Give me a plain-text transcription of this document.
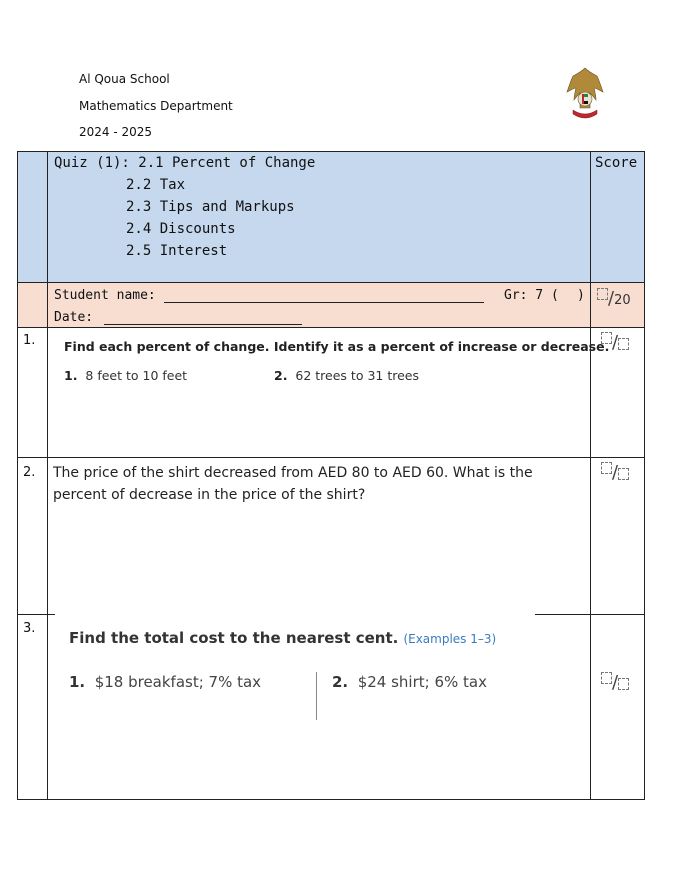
Al Qoua School
Mathematics Department
2024 - 2025
Quiz (1): 2.1 Percent of Change
2.2 Tax
2.3 Tips and Markups
2.4 Discounts
2.5 Interest
Score
Student name:	Gr: 7 ( )
Date:
/20
1. Find each percent of change. Identify it as a percent of increase or decrease.
1. 8 feet to 10 feet	2. 62 trees to 31 trees
/
2. The price of the shirt decreased from AED 80 to AED 60. What is the percent of decrease in the price of the shirt?
/
3.
Find the total cost to the nearest cent. (Examples 1–3)
1. $18 breakfast; 7% tax	2. $24 shirt; 6% tax	/
